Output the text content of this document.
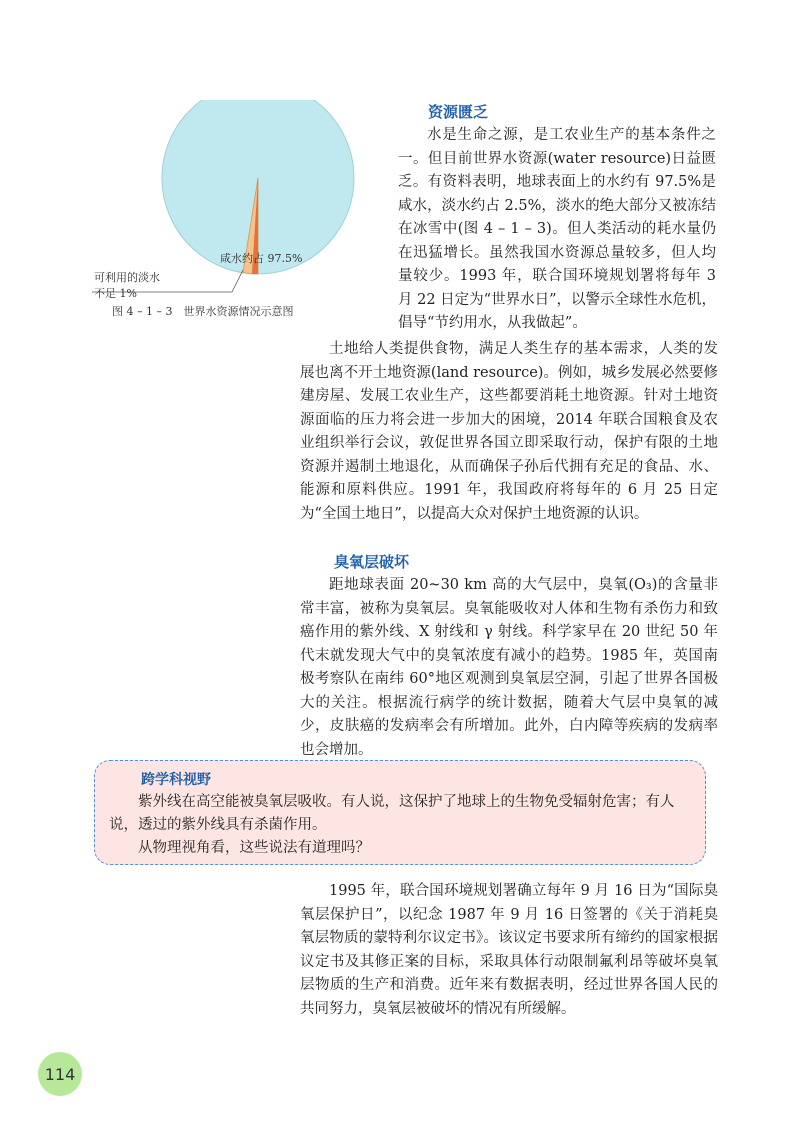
咸水约占 97.5%
可利用的淡水
不足 1%
图 4 – 1 – 3　世界水资源情况示意图
资源匮乏

水是生命之源，是工农业生产的基本条件之一。但目前世界水资源(water resource)日益匮乏。有资料表明，地球表面上的水约有 97.5%是咸水，淡水约占 2.5%，淡水的绝大部分又被冻结在冰雪中(图 4 – 1 – 3)。但人类活动的耗水量仍在迅猛增长。虽然我国水资源总量较多，但人均量较少。1993 年，联合国环境规划署将每年 3 月 22 日定为“世界水日”，以警示全球性水危机，倡导“节约用水，从我做起”。

土地给人类提供食物，满足人类生存的基本需求，人类的发展也离不开土地资源(land resource)。例如，城乡发展必然要修建房屋、发展工农业生产，这些都要消耗土地资源。针对土地资源面临的压力将会进一步加大的困境，2014 年联合国粮食及农业组织举行会议，敦促世界各国立即采取行动，保护有限的土地资源并遏制土地退化，从而确保子孙后代拥有充足的食品、水、能源和原料供应。1991 年，我国政府将每年的 6 月 25 日定为“全国土地日”，以提高大众对保护土地资源的认识。

臭氧层破坏

距地球表面 20~30 km 高的大气层中，臭氧(O₃)的含量非常丰富，被称为臭氧层。臭氧能吸收对人体和生物有杀伤力和致癌作用的紫外线、X 射线和 γ 射线。科学家早在 20 世纪 50 年代末就发现大气中的臭氧浓度有减小的趋势。1985 年，英国南极考察队在南纬 60°地区观测到臭氧层空洞，引起了世界各国极大的关注。根据流行病学的统计数据，随着大气层中臭氧的减少，皮肤癌的发病率会有所增加。此外，白内障等疾病的发病率也会增加。

跨学科视野

紫外线在高空能被臭氧层吸收。有人说，这保护了地球上的生物免受辐射危害；有人说，透过的紫外线具有杀菌作用。

从物理视角看，这些说法有道理吗？

1995 年，联合国环境规划署确立每年 9 月 16 日为“国际臭氧层保护日”，以纪念 1987 年 9 月 16 日签署的《关于消耗臭氧层物质的蒙特利尔议定书》。该议定书要求所有缔约的国家根据议定书及其修正案的目标，采取具体行动限制氟利昂等破坏臭氧层物质的生产和消费。近年来有数据表明，经过世界各国人民的共同努力，臭氧层被破坏的情况有所缓解。

114
